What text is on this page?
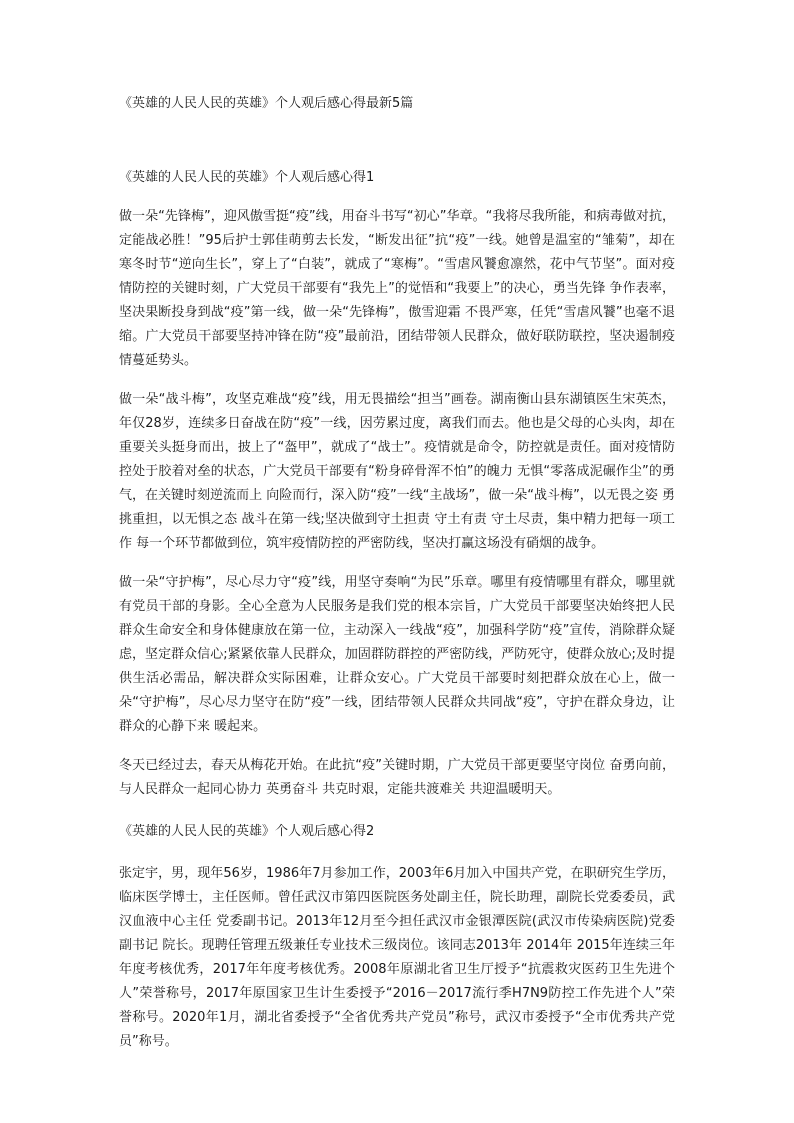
《英雄的人民人民的英雄》个人观后感心得最新5篇

《英雄的人民人民的英雄》个人观后感心得1

做一朵“先锋梅”，迎风傲雪挺“疫”线，用奋斗书写“初心”华章。“我将尽我所能，和病毒做对抗，定能战必胜！”95后护士郭佳萌剪去长发，“断发出征”抗“疫”一线。她曾是温室的“雏菊”，却在寒冬时节“逆向生长”，穿上了“白装”，就成了“寒梅”。“雪虐风饕愈凛然，花中气节坚”。面对疫情防控的关键时刻，广大党员干部要有“我先上”的觉悟和“我要上”的决心，勇当先锋 争作表率，坚决果断投身到战“疫”第一线，做一朵“先锋梅”，傲雪迎霜 不畏严寒，任凭“雪虐风饕”也毫不退缩。广大党员干部要坚持冲锋在防“疫”最前沿，团结带领人民群众，做好联防联控，坚决遏制疫情蔓延势头。

做一朵“战斗梅”，攻坚克难战“疫”线，用无畏描绘“担当”画卷。湖南衡山县东湖镇医生宋英杰，年仅28岁，连续多日奋战在防“疫”一线，因劳累过度，离我们而去。他也是父母的心头肉，却在重要关头挺身而出，披上了“盔甲”，就成了“战士”。疫情就是命令，防控就是责任。面对疫情防控处于胶着对垒的状态，广大党员干部要有“粉身碎骨浑不怕”的魄力 无惧“零落成泥碾作尘”的勇气，在关键时刻逆流而上 向险而行，深入防“疫”一线“主战场”，做一朵“战斗梅”，以无畏之姿 勇挑重担，以无惧之态 战斗在第一线;坚决做到守土担责 守土有责 守土尽责，集中精力把每一项工作 每一个环节都做到位，筑牢疫情防控的严密防线，坚决打赢这场没有硝烟的战争。

做一朵“守护梅”，尽心尽力守“疫”线，用坚守奏响“为民”乐章。哪里有疫情哪里有群众，哪里就有党员干部的身影。全心全意为人民服务是我们党的根本宗旨，广大党员干部要坚决始终把人民群众生命安全和身体健康放在第一位，主动深入一线战“疫”，加强科学防“疫”宣传，消除群众疑虑，坚定群众信心;紧紧依靠人民群众，加固群防群控的严密防线，严防死守，使群众放心;及时提供生活必需品，解决群众实际困难，让群众安心。广大党员干部要时刻把群众放在心上，做一朵“守护梅”，尽心尽力坚守在防“疫”一线，团结带领人民群众共同战“疫”，守护在群众身边，让群众的心静下来 暖起来。

冬天已经过去，春天从梅花开始。在此抗“疫”关键时期，广大党员干部更要坚守岗位 奋勇向前，与人民群众一起同心协力 英勇奋斗 共克时艰，定能共渡难关 共迎温暖明天。

《英雄的人民人民的英雄》个人观后感心得2

张定宇，男，现年56岁，1986年7月参加工作，2003年6月加入中国共产党，在职研究生学历，临床医学博士，主任医师。曾任武汉市第四医院医务处副主任，院长助理，副院长党委委员，武汉血液中心主任 党委副书记。2013年12月至今担任武汉市金银潭医院(武汉市传染病医院)党委副书记 院长。现聘任管理五级兼任专业技术三级岗位。该同志2013年 2014年 2015年连续三年年度考核优秀，2017年年度考核优秀。2008年原湖北省卫生厅授予“抗震救灾医药卫生先进个人”荣誉称号，2017年原国家卫生计生委授予“2016－2017流行季H7N9防控工作先进个人”荣誉称号。2020年1月，湖北省委授予“全省优秀共产党员”称号，武汉市委授予“全市优秀共产党员”称号。
